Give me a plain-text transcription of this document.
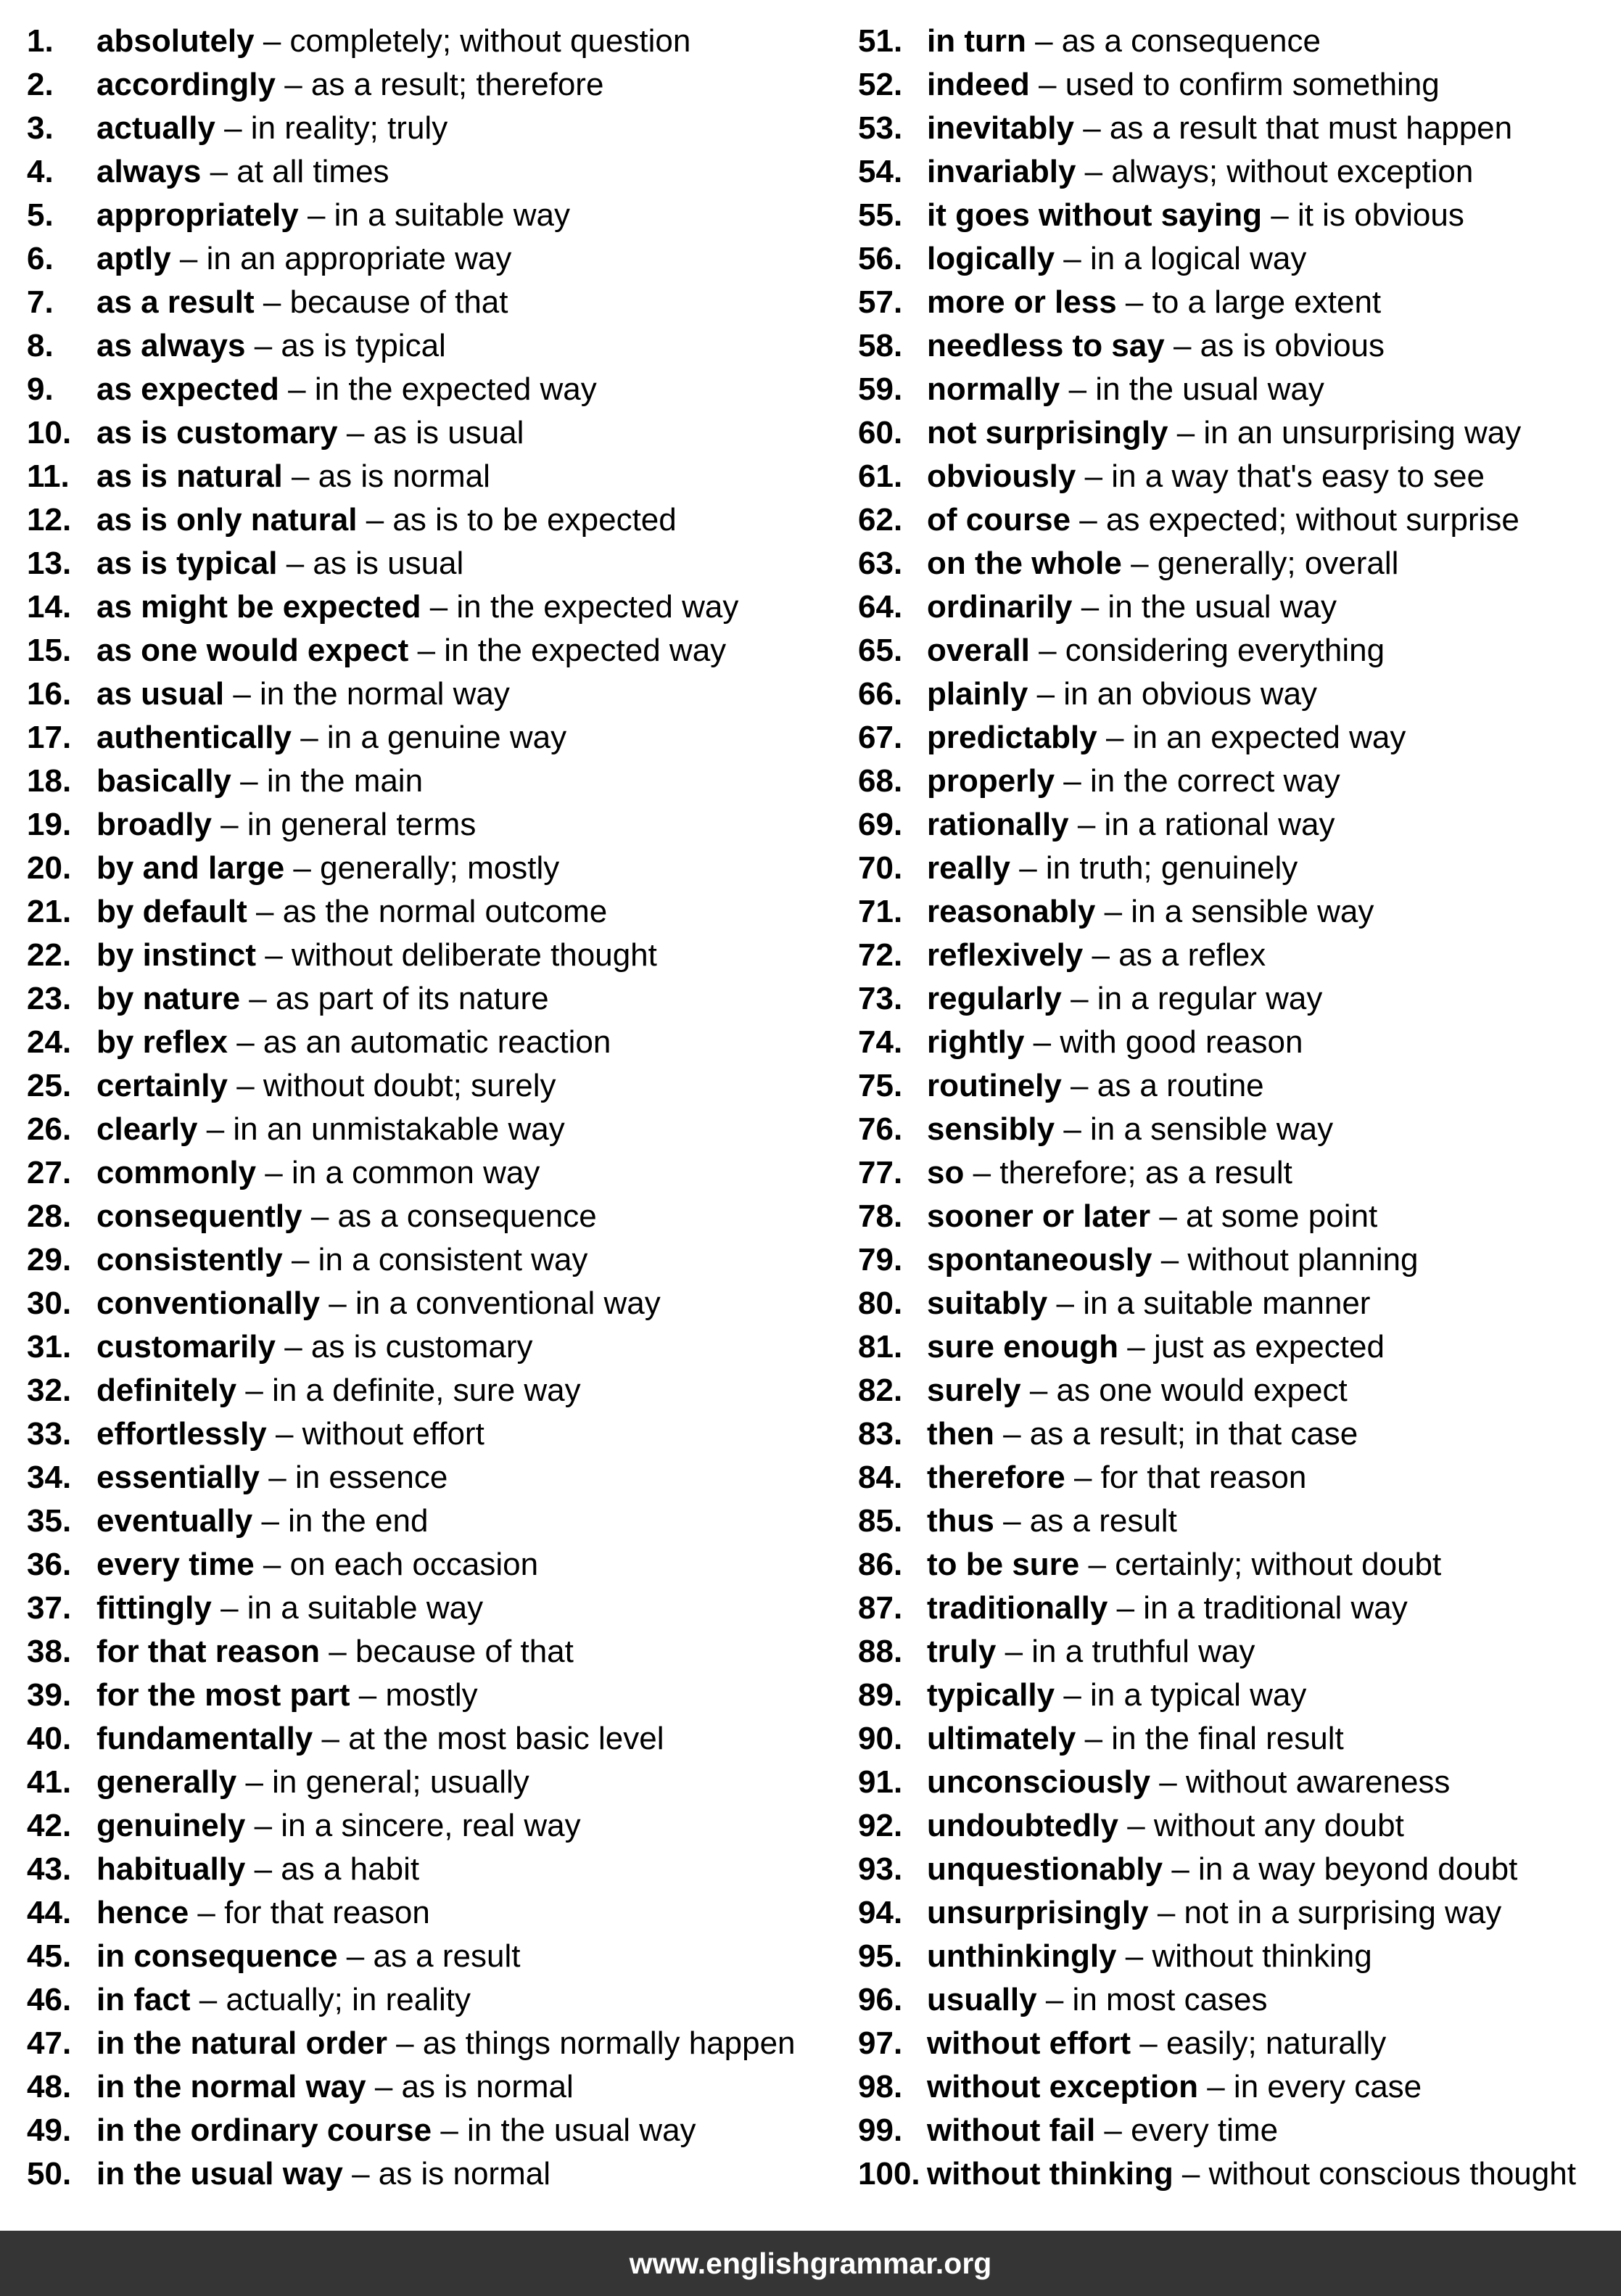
1. absolutely – completely; without question
2. accordingly – as a result; therefore
3. actually – in reality; truly
4. always – at all times
5. appropriately – in a suitable way
6. aptly – in an appropriate way
7. as a result – because of that
8. as always – as is typical
9. as expected – in the expected way
10. as is customary – as is usual
11. as is natural – as is normal
12. as is only natural – as is to be expected
13. as is typical – as is usual
14. as might be expected – in the expected way
15. as one would expect – in the expected way
16. as usual – in the normal way
17. authentically – in a genuine way
18. basically – in the main
19. broadly – in general terms
20. by and large – generally; mostly
21. by default – as the normal outcome
22. by instinct – without deliberate thought
23. by nature – as part of its nature
24. by reflex – as an automatic reaction
25. certainly – without doubt; surely
26. clearly – in an unmistakable way
27. commonly – in a common way
28. consequently – as a consequence
29. consistently – in a consistent way
30. conventionally – in a conventional way
31. customarily – as is customary
32. definitely – in a definite, sure way
33. effortlessly – without effort
34. essentially – in essence
35. eventually – in the end
36. every time – on each occasion
37. fittingly – in a suitable way
38. for that reason – because of that
39. for the most part – mostly
40. fundamentally – at the most basic level
41. generally – in general; usually
42. genuinely – in a sincere, real way
43. habitually – as a habit
44. hence – for that reason
45. in consequence – as a result
46. in fact – actually; in reality
47. in the natural order – as things normally happen
48. in the normal way – as is normal
49. in the ordinary course – in the usual way
50. in the usual way – as is normal
51. in turn – as a consequence
52. indeed – used to confirm something
53. inevitably – as a result that must happen
54. invariably – always; without exception
55. it goes without saying – it is obvious
56. logically – in a logical way
57. more or less – to a large extent
58. needless to say – as is obvious
59. normally – in the usual way
60. not surprisingly – in an unsurprising way
61. obviously – in a way that's easy to see
62. of course – as expected; without surprise
63. on the whole – generally; overall
64. ordinarily – in the usual way
65. overall – considering everything
66. plainly – in an obvious way
67. predictably – in an expected way
68. properly – in the correct way
69. rationally – in a rational way
70. really – in truth; genuinely
71. reasonably – in a sensible way
72. reflexively – as a reflex
73. regularly – in a regular way
74. rightly – with good reason
75. routinely – as a routine
76. sensibly – in a sensible way
77. so – therefore; as a result
78. sooner or later – at some point
79. spontaneously – without planning
80. suitably – in a suitable manner
81. sure enough – just as expected
82. surely – as one would expect
83. then – as a result; in that case
84. therefore – for that reason
85. thus – as a result
86. to be sure – certainly; without doubt
87. traditionally – in a traditional way
88. truly – in a truthful way
89. typically – in a typical way
90. ultimately – in the final result
91. unconsciously – without awareness
92. undoubtedly – without any doubt
93. unquestionably – in a way beyond doubt
94. unsurprisingly – not in a surprising way
95. unthinkingly – without thinking
96. usually – in most cases
97. without effort – easily; naturally
98. without exception – in every case
99. without fail – every time
100. without thinking – without conscious thought
www.englishgrammar.org
